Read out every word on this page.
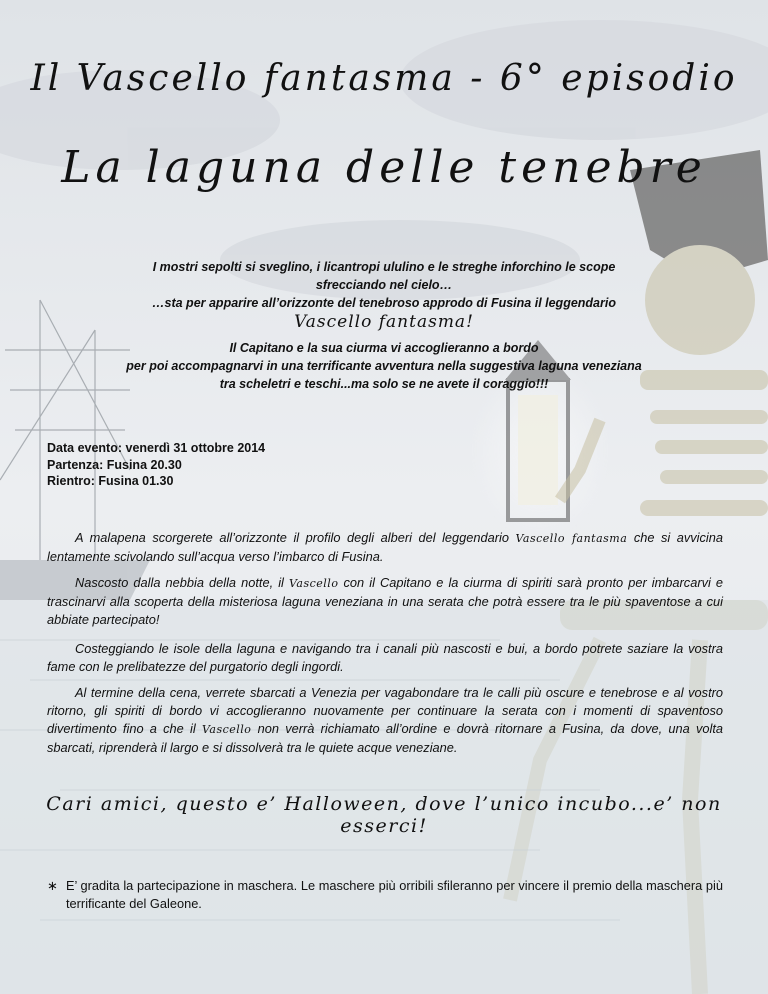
Il Vascello fantasma - 6° episodio
La laguna delle tenebre
I mostri sepolti si sveglino, i licantropi ululino e le streghe inforchino le scope
sfrecciando nel cielo…
…sta per apparire all’orizzonte del tenebroso approdo di Fusina il leggendario
Vascello fantasma!
Il Capitano e la sua ciurma vi accoglieranno a bordo
per poi accompagnarvi in una terrificante avventura nella suggestiva laguna veneziana
tra scheletri e teschi...ma solo se ne avete il coraggio!!!
Data evento: venerdì 31 ottobre 2014
Partenza: Fusina 20.30
Rientro: Fusina 01.30
A malapena scorgerete all’orizzonte il profilo degli alberi del leggendario Vascello fantasma che si avvicina lentamente scivolando sull’acqua verso l’imbarco di Fusina.
Nascosto dalla nebbia della notte, il Vascello con il Capitano e la ciurma di spiriti sarà pronto per imbarcarvi e trascinarvi alla scoperta della misteriosa laguna veneziana in una serata che potrà essere tra le più spaventose a cui abbiate partecipato!
Costeggiando le isole della laguna e navigando tra i canali più nascosti e bui, a bordo potrete saziare la vostra fame con le prelibatezze del purgatorio degli ingordi.
Al termine della cena, verrete sbarcati a Venezia per vagabondare tra le calli più oscure e tenebrose e al vostro ritorno, gli spiriti di bordo vi accoglieranno nuovamente per continuare la serata con i momenti di spaventoso divertimento fino a che il Vascello non verrà richiamato all’ordine e dovrà ritornare a Fusina, da dove, una volta sbarcati, riprenderà il largo e si dissolverà tra le quiete acque veneziane.
Cari amici, questo e’ Halloween, dove l’unico incubo...e’ non esserci!
∗ E’ gradita la partecipazione in maschera. Le maschere più orribili sfileranno per vincere il premio della maschera più terrificante del Galeone.
